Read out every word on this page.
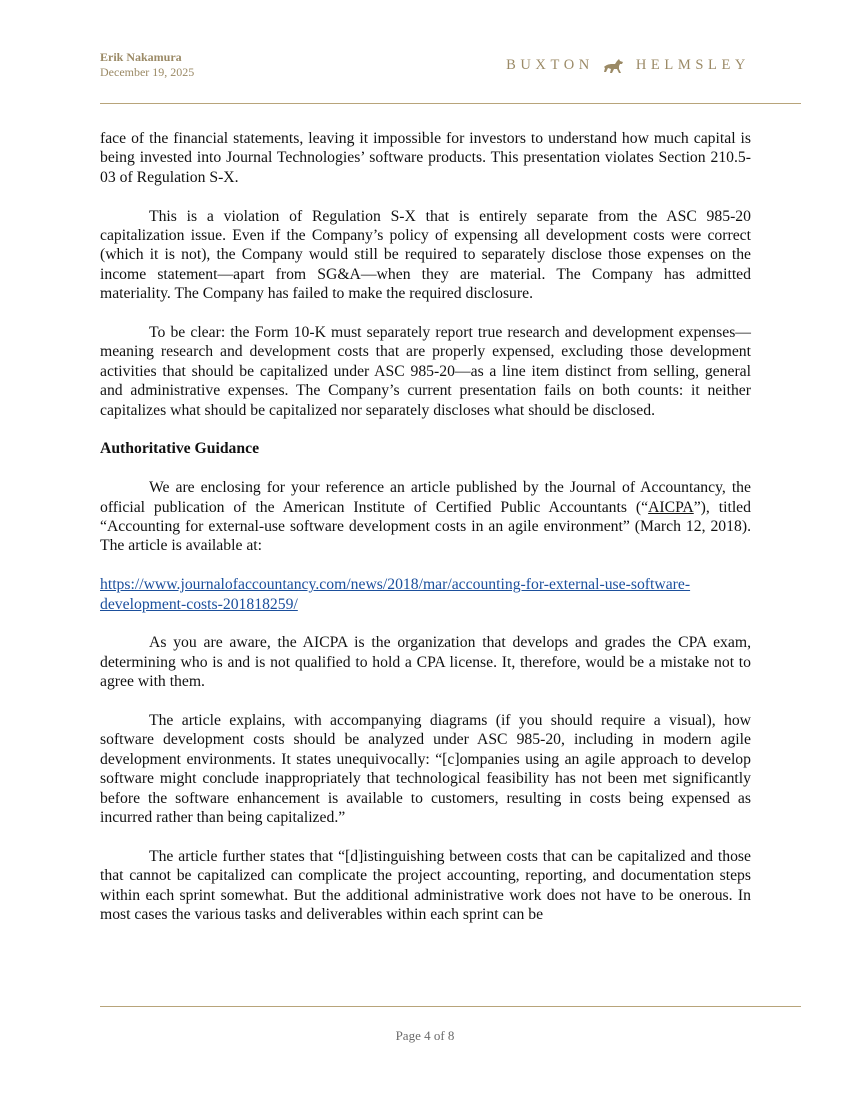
Erik Nakamura
December 19, 2025	BUXTON	HELMSLEY

face of the financial statements, leaving it impossible for investors to understand how much capital is being invested into Journal Technologies’ software products. This presentation violates Section 210.5-03 of Regulation S-X.

This is a violation of Regulation S-X that is entirely separate from the ASC 985-20 capitalization issue. Even if the Company’s policy of expensing all development costs were correct (which it is not), the Company would still be required to separately disclose those expenses on the income statement—apart from SG&A—when they are material. The Company has admitted materiality. The Company has failed to make the required disclosure.

To be clear: the Form 10-K must separately report true research and development expenses—meaning research and development costs that are properly expensed, excluding those development activities that should be capitalized under ASC 985-20—as a line item distinct from selling, general and administrative expenses. The Company’s current presentation fails on both counts: it neither capitalizes what should be capitalized nor separately discloses what should be disclosed.

Authoritative Guidance

We are enclosing for your reference an article published by the Journal of Accountancy, the official publication of the American Institute of Certified Public Accountants (“AICPA”), titled “Accounting for external-use software development costs in an agile environment” (March 12, 2018). The article is available at:

https://www.journalofaccountancy.com/news/2018/mar/accounting-for-external-use-software-development-costs-201818259/

As you are aware, the AICPA is the organization that develops and grades the CPA exam, determining who is and is not qualified to hold a CPA license. It, therefore, would be a mistake not to agree with them.

The article explains, with accompanying diagrams (if you should require a visual), how software development costs should be analyzed under ASC 985-20, including in modern agile development environments. It states unequivocally: “[c]ompanies using an agile approach to develop software might conclude inappropriately that technological feasibility has not been met significantly before the software enhancement is available to customers, resulting in costs being expensed as incurred rather than being capitalized.”

The article further states that “[d]istinguishing between costs that can be capitalized and those that cannot be capitalized can complicate the project accounting, reporting, and documentation steps within each sprint somewhat. But the additional administrative work does not have to be onerous. In most cases the various tasks and deliverables within each sprint can be

Page 4 of 8
